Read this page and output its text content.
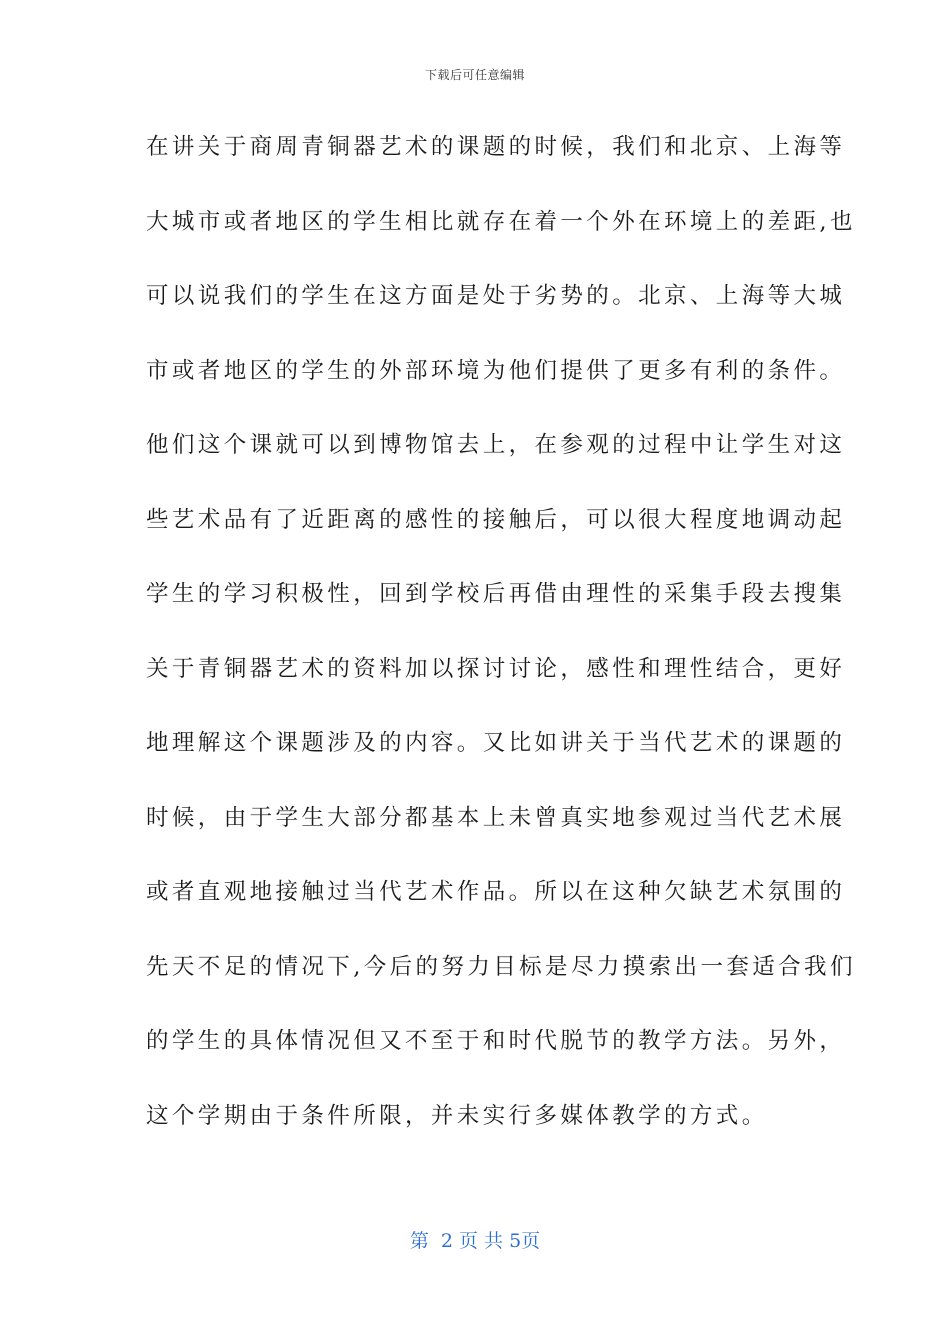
下载后可任意编辑
在讲关于商周青铜器艺术的课题的时候，我们和北京、上海等
大城市或者地区的学生相比就存在着一个外在环境上的差距,也
可以说我们的学生在这方面是处于劣势的。北京、上海等大城
市或者地区的学生的外部环境为他们提供了更多有利的条件。
他们这个课就可以到博物馆去上，在参观的过程中让学生对这
些艺术品有了近距离的感性的接触后，可以很大程度地调动起
学生的学习积极性，回到学校后再借由理性的采集手段去搜集
关于青铜器艺术的资料加以探讨讨论，感性和理性结合，更好
地理解这个课题涉及的内容。又比如讲关于当代艺术的课题的
时候，由于学生大部分都基本上未曾真实地参观过当代艺术展
或者直观地接触过当代艺术作品。所以在这种欠缺艺术氛围的
先天不足的情况下,今后的努力目标是尽力摸索出一套适合我们
的学生的具体情况但又不至于和时代脱节的教学方法。另外，
这个学期由于条件所限，并未实行多媒体教学的方式。
第  2 页 共 5页
